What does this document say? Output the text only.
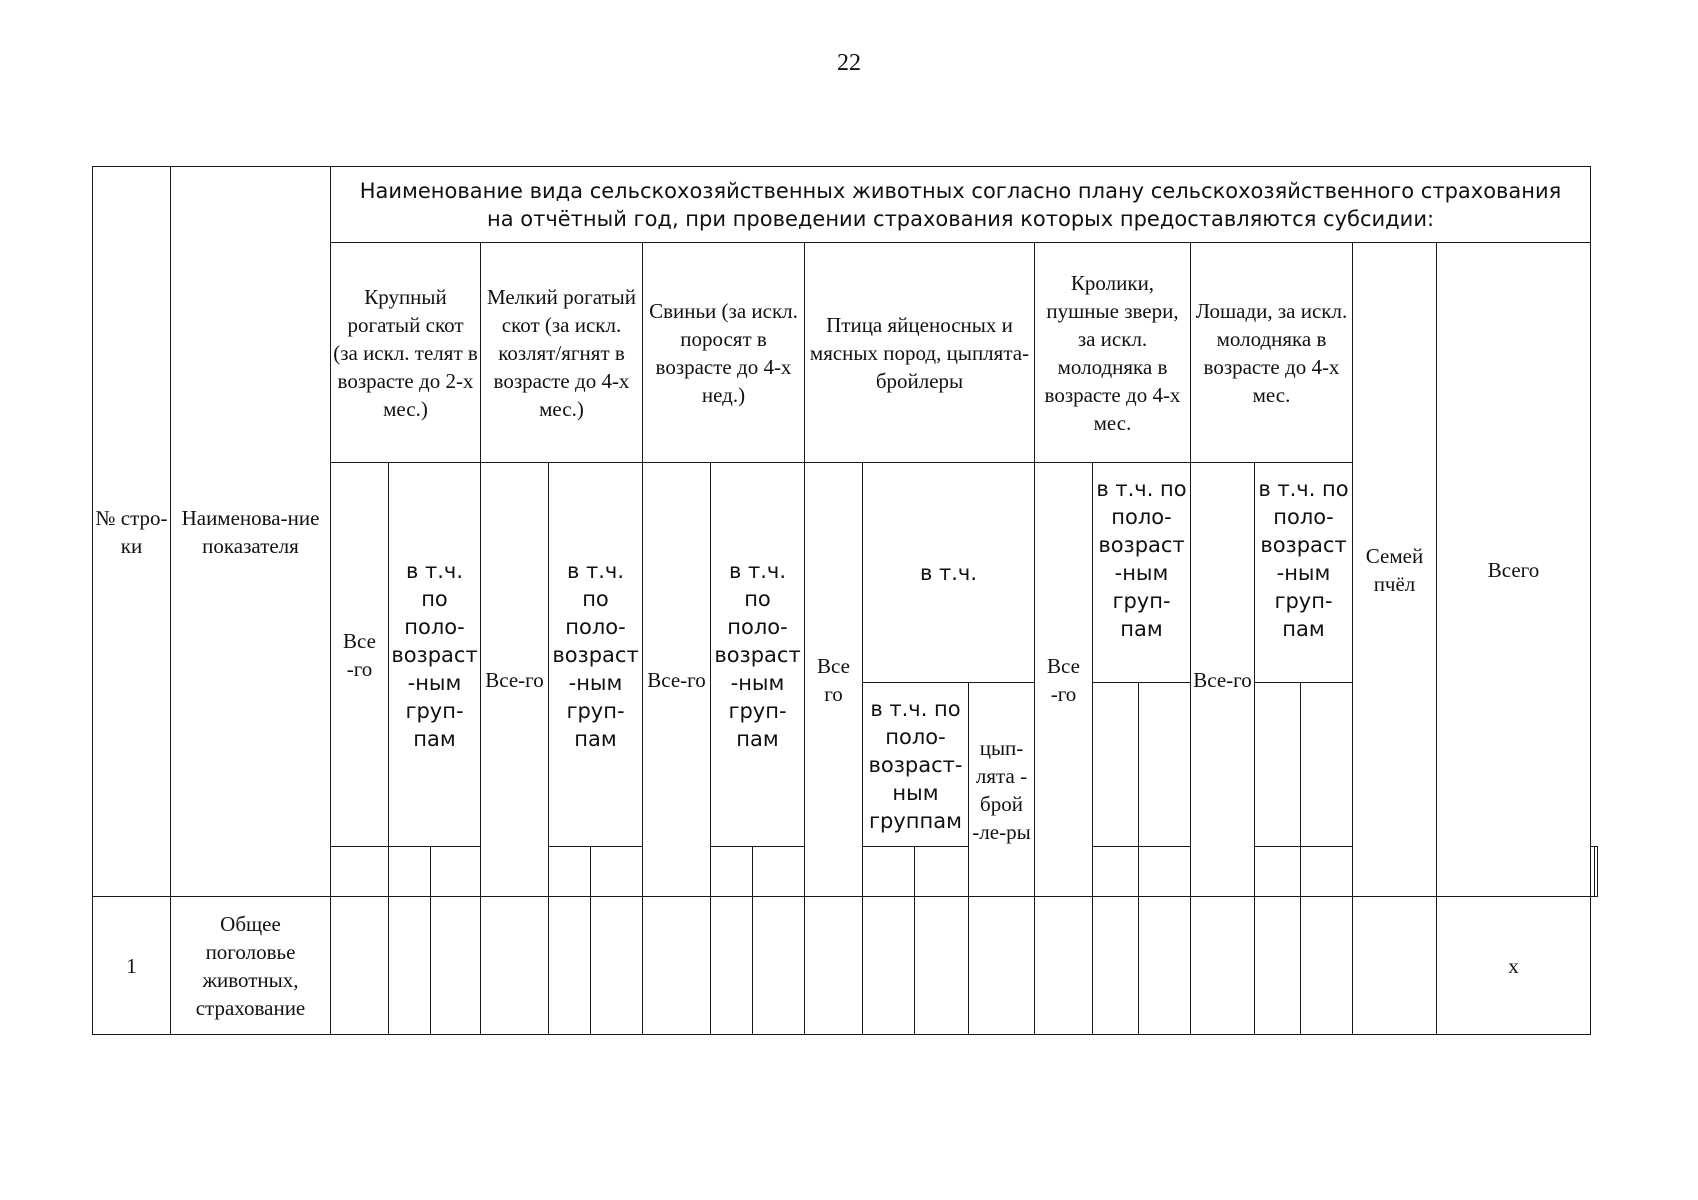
22
№ стро-ки	Наименова-ние показателя	Наименование вида сельскохозяйственных животных согласно плану сельскохозяйственного страхования
на отчётный год, при проведении страхования которых предоставляются субсидии:																						
		Крупный рогатый скот (за искл. телят в возрасте до 2-х мес.)			Мелкий рогатый скот (за искл. козлят/ягнят в возрасте до 4-х мес.)			Свиньи (за искл. поросят в возрасте до 4-х нед.)			Птица яйценосных и мясных пород, цыплята-бройлеры				Кролики, пушные звери, за искл. молодняка в возрасте до 4-х мес.			Лошади, за искл. молодняка в возрасте до 4-х мес.			Семей пчёл	Всего		
		Все -го	в т.ч. по поло-возраст -ным груп-пам		Все-го	в т.ч. по поло-возраст -ным груп-пам		Все-го	в т.ч. по поло-возраст -ным груп-пам		Все го	в т.ч.			Все -го	в т.ч. по поло-возраст -ным груп-пам		Все-го	в т.ч. по поло-возраст -ным груп-пам					
												в т.ч. по поло-возраст-ным группам		цып-лята - брой -ле-ры										

1	Общее поголовье животных, страхование																					x		
